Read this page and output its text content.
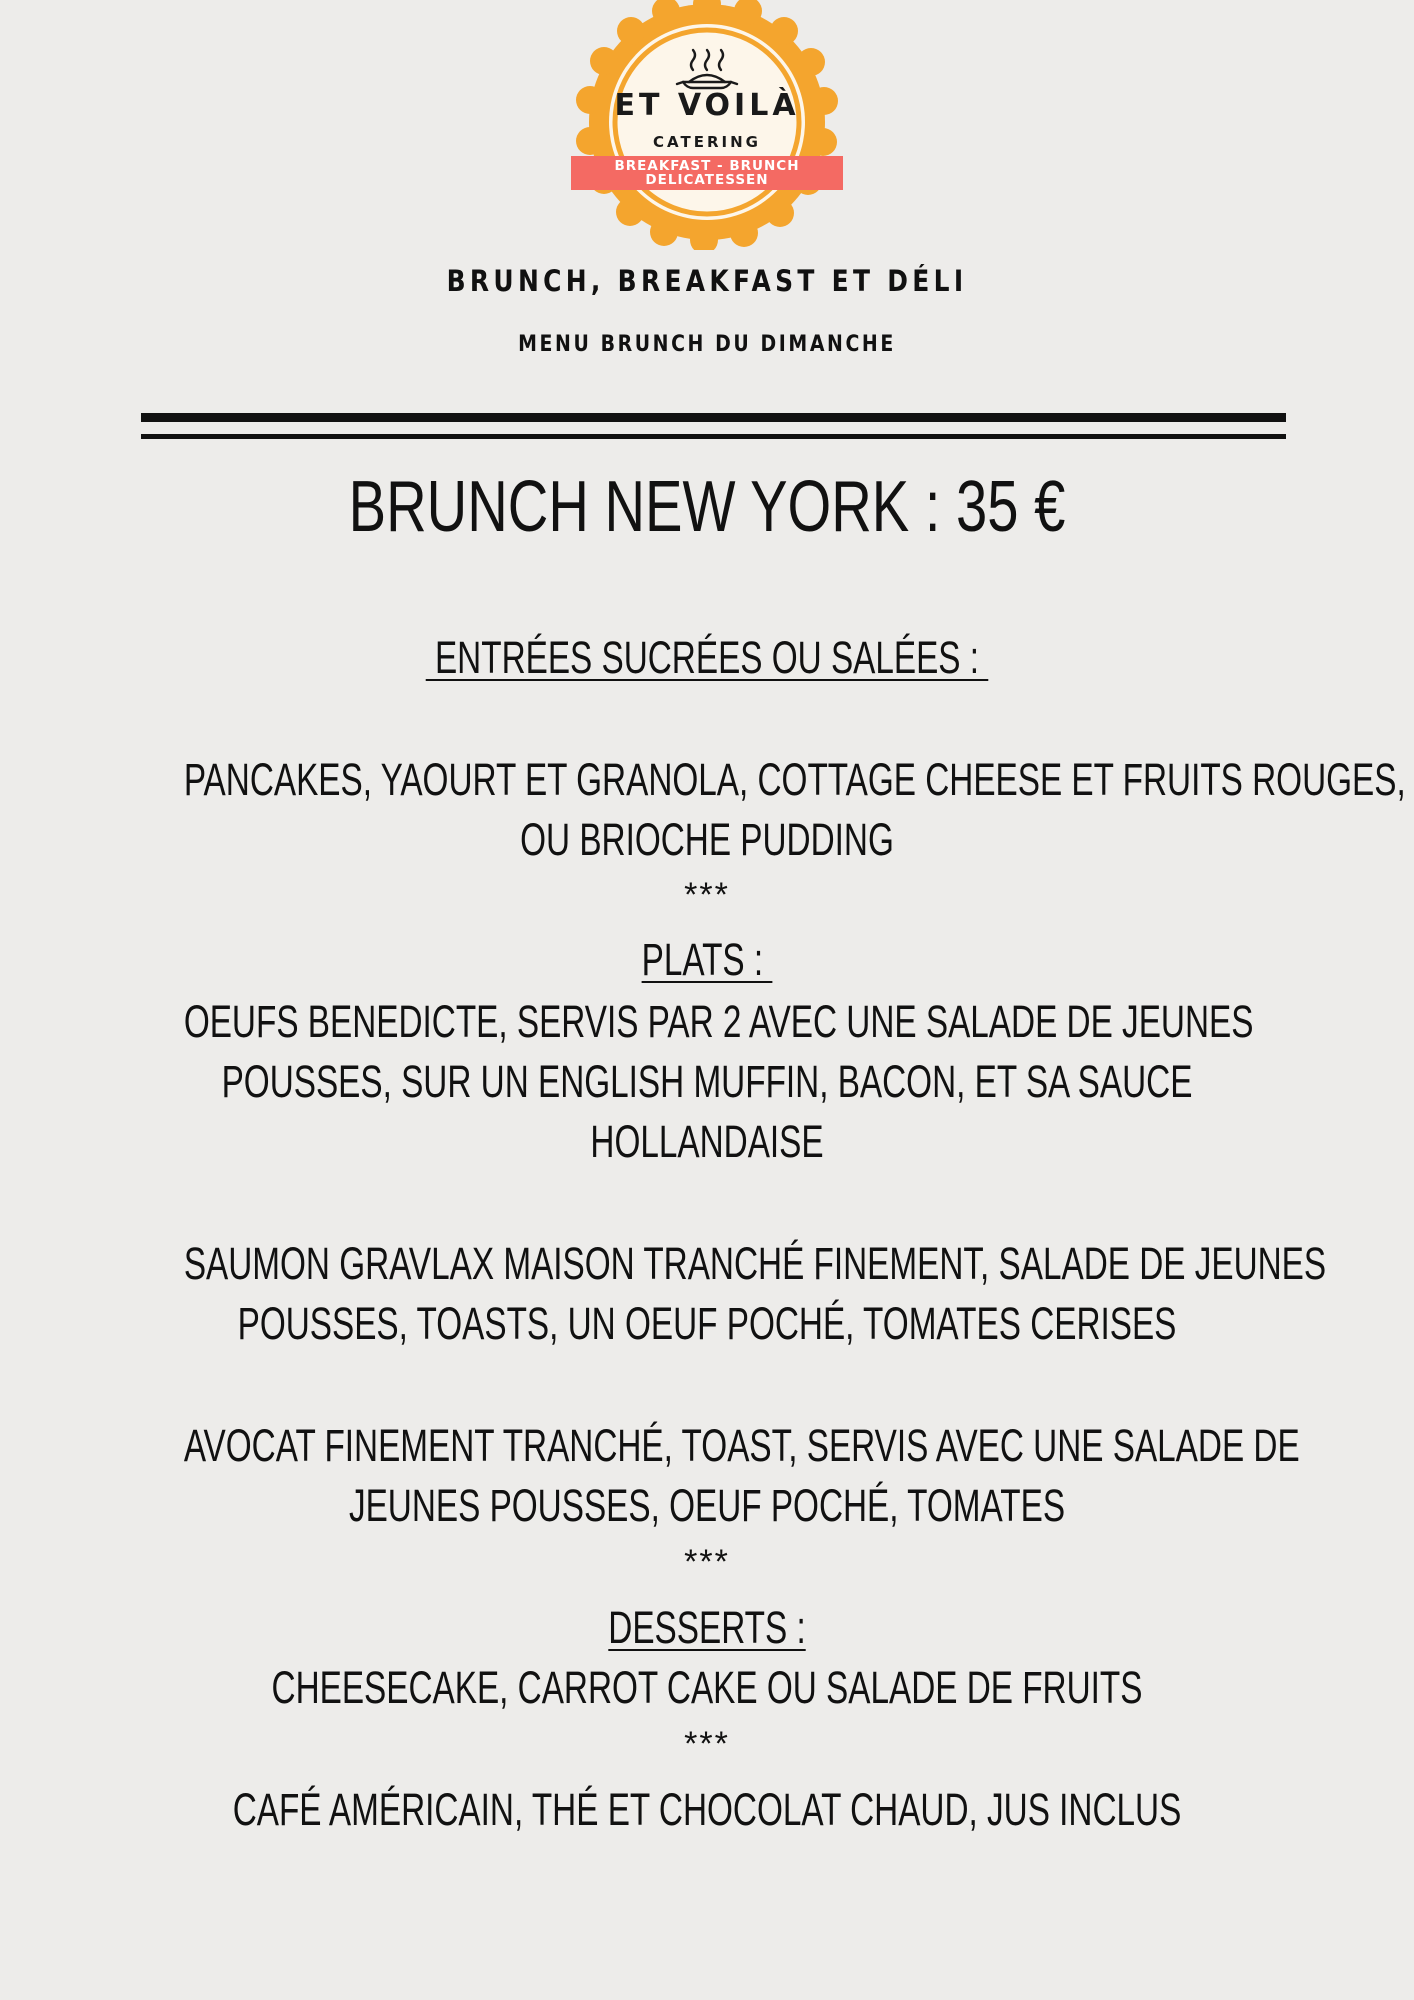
ET VOILÀ
CATERING
BREAKFAST - BRUNCH
DELICATESSEN
BRUNCH, BREAKFAST ET DÉLI
MENU BRUNCH DU DIMANCHE
BRUNCH NEW YORK : 35 €
ENTRÉES SUCRÉES OU SALÉES :
PANCAKES, YAOURT ET GRANOLA, COTTAGE CHEESE ET FRUITS ROUGES,
OU BRIOCHE PUDDING
***
PLATS :
OEUFS BENEDICTE, SERVIS PAR 2 AVEC UNE SALADE DE JEUNES
POUSSES, SUR UN ENGLISH MUFFIN, BACON, ET SA SAUCE
HOLLANDAISE
SAUMON GRAVLAX MAISON TRANCHÉ FINEMENT, SALADE DE JEUNES
POUSSES, TOASTS, UN OEUF POCHÉ, TOMATES CERISES
AVOCAT FINEMENT TRANCHÉ, TOAST, SERVIS AVEC UNE SALADE DE
JEUNES POUSSES, OEUF POCHÉ, TOMATES
***
DESSERTS :
CHEESECAKE, CARROT CAKE OU SALADE DE FRUITS
***
CAFÉ AMÉRICAIN, THÉ ET CHOCOLAT CHAUD, JUS INCLUS
